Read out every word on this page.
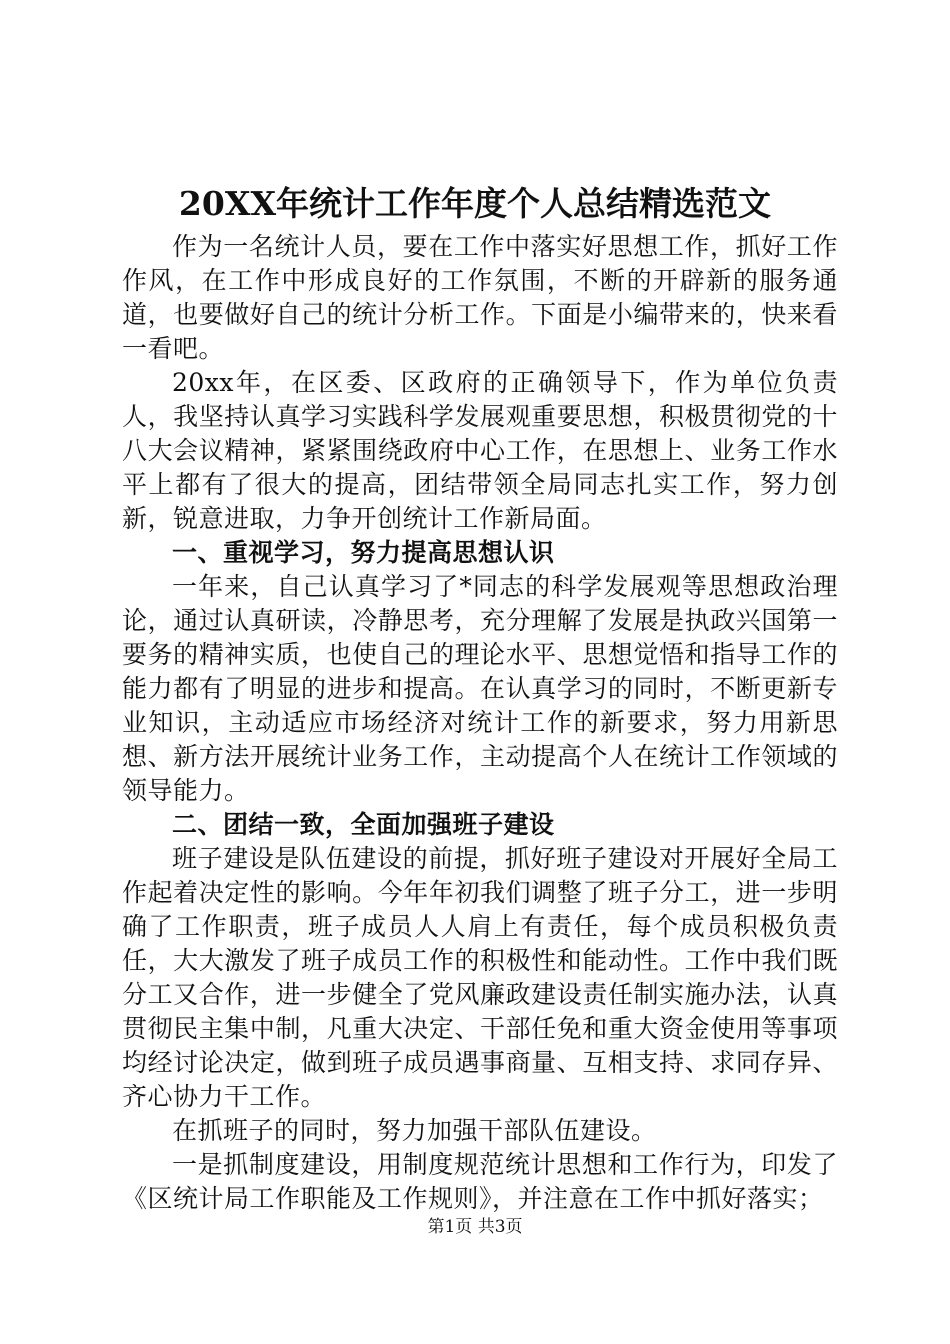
20XX年统计工作年度个人总结精选范文

作为一名统计人员，要在工作中落实好思想工作，抓好工作作风，在工作中形成良好的工作氛围，不断的开辟新的服务通道，也要做好自己的统计分析工作。下面是小编带来的，快来看一看吧。

20xx年，在区委、区政府的正确领导下，作为单位负责人，我坚持认真学习实践科学发展观重要思想，积极贯彻党的十八大会议精神，紧紧围绕政府中心工作，在思想上、业务工作水平上都有了很大的提高，团结带领全局同志扎实工作，努力创新，锐意进取，力争开创统计工作新局面。

一、重视学习，努力提高思想认识

一年来，自己认真学习了*同志的科学发展观等思想政治理论，通过认真研读，冷静思考，充分理解了发展是执政兴国第一要务的精神实质，也使自己的理论水平、思想觉悟和指导工作的能力都有了明显的进步和提高。在认真学习的同时，不断更新专业知识，主动适应市场经济对统计工作的新要求，努力用新思想、新方法开展统计业务工作，主动提高个人在统计工作领域的领导能力。

二、团结一致，全面加强班子建设

班子建设是队伍建设的前提，抓好班子建设对开展好全局工作起着决定性的影响。今年年初我们调整了班子分工，进一步明确了工作职责，班子成员人人肩上有责任，每个成员积极负责任，大大激发了班子成员工作的积极性和能动性。工作中我们既分工又合作，进一步健全了党风廉政建设责任制实施办法，认真贯彻民主集中制，凡重大决定、干部任免和重大资金使用等事项均经讨论决定，做到班子成员遇事商量、互相支持、求同存异、齐心协力干工作。

在抓班子的同时，努力加强干部队伍建设。

一是抓制度建设，用制度规范统计思想和工作行为，印发了《区统计局工作职能及工作规则》，并注意在工作中抓好落实；

第1页 共3页
